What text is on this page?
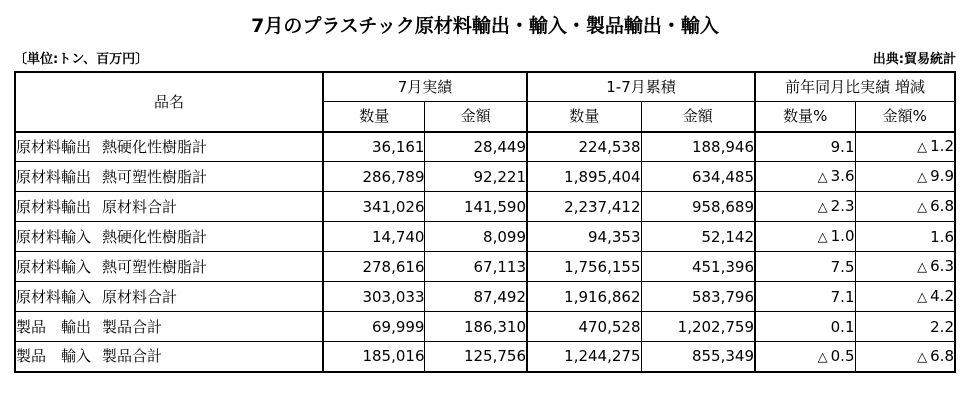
7月のプラスチック原材料輸出・輸入・製品輸出・輸入
〔単位:トン、百万円〕	出典:貿易統計
品名	7月実績		1-7月累積		前年同月比実績 増減	
	数量	金額	数量	金額	数量%	金額%
原材料輸出 熱硬化性樹脂計	36,161	28,449	224,538	188,946	9.1	△ 1.2
原材料輸出 熱可塑性樹脂計	286,789	92,221	1,895,404	634,485	△ 3.6	△ 9.9
原材料輸出 原材料合計	341,026	141,590	2,237,412	958,689	△ 2.3	△ 6.8
原材料輸入 熱硬化性樹脂計	14,740	8,099	94,353	52,142	△ 1.0	1.6
原材料輸入 熱可塑性樹脂計	278,616	67,113	1,756,155	451,396	7.5	△ 6.3
原材料輸入 原材料合計	303,033	87,492	1,916,862	583,796	7.1	△ 4.2
製品　輸出 製品合計	69,999	186,310	470,528	1,202,759	0.1	2.2
製品　輸入 製品合計	185,016	125,756	1,244,275	855,349	△ 0.5	△ 6.8
